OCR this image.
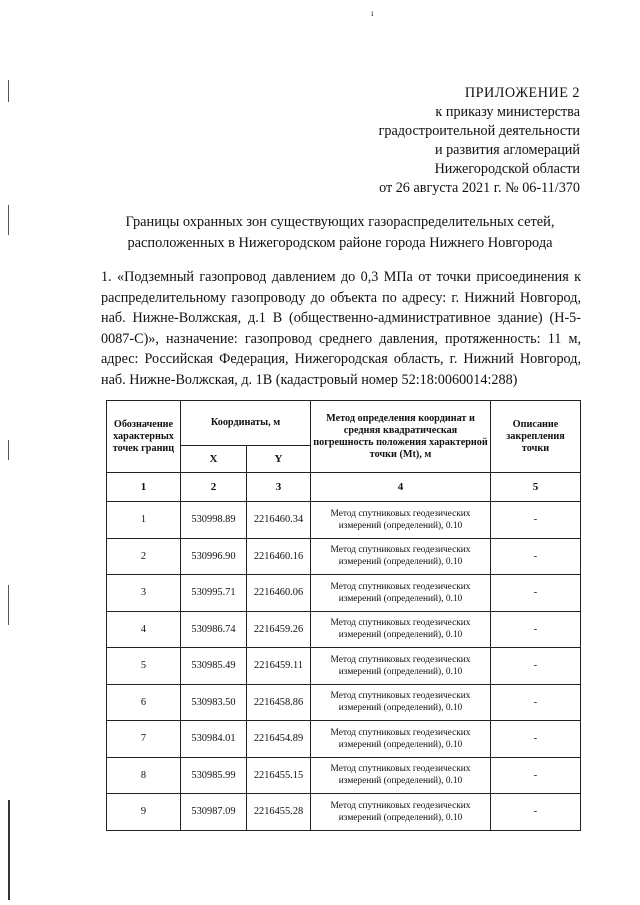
ı
ПРИЛОЖЕНИЕ 2
к приказу министерства
градостроительной деятельности
и развития агломераций
Нижегородской области
от 26 августа 2021 г. № 06-11/370
Границы охранных зон существующих газораспределительных сетей,
расположенных в Нижегородском районе города Нижнего Новгорода
1. «Подземный газопровод давлением до 0,3 МПа от точки присоединения к распределительному газопроводу до объекта по адресу: г. Нижний Новгород, наб. Нижне-Волжская, д.1 В (общественно-административное здание) (Н-5-0087-С)», назначение: газопровод среднего давления, протяженность: 11 м, адрес: Российская Федерация, Нижегородская область, г. Нижний Новгород, наб. Нижне-Волжская, д. 1В (кадастровый номер 52:18:0060014:288)
Обозначение характерных точек границ	Координаты, м		Метод определения координат и средняя квадратическая погрешность положения характерной точки (Мt), м	Описание закрепления точки
	X	Y		
1	2	3	4	5
1	530998.89	2216460.34	Метод спутниковых геодезических измерений (определений), 0.10	-
2	530996.90	2216460.16	Метод спутниковых геодезических измерений (определений), 0.10	-
3	530995.71	2216460.06	Метод спутниковых геодезических измерений (определений), 0.10	-
4	530986.74	2216459.26	Метод спутниковых геодезических измерений (определений), 0.10	-
5	530985.49	2216459.11	Метод спутниковых геодезических измерений (определений), 0.10	-
6	530983.50	2216458.86	Метод спутниковых геодезических измерений (определений), 0.10	-
7	530984.01	2216454.89	Метод спутниковых геодезических измерений (определений), 0.10	-
8	530985.99	2216455.15	Метод спутниковых геодезических измерений (определений), 0.10	-
9	530987.09	2216455.28	Метод спутниковых геодезических измерений (определений), 0.10	-
